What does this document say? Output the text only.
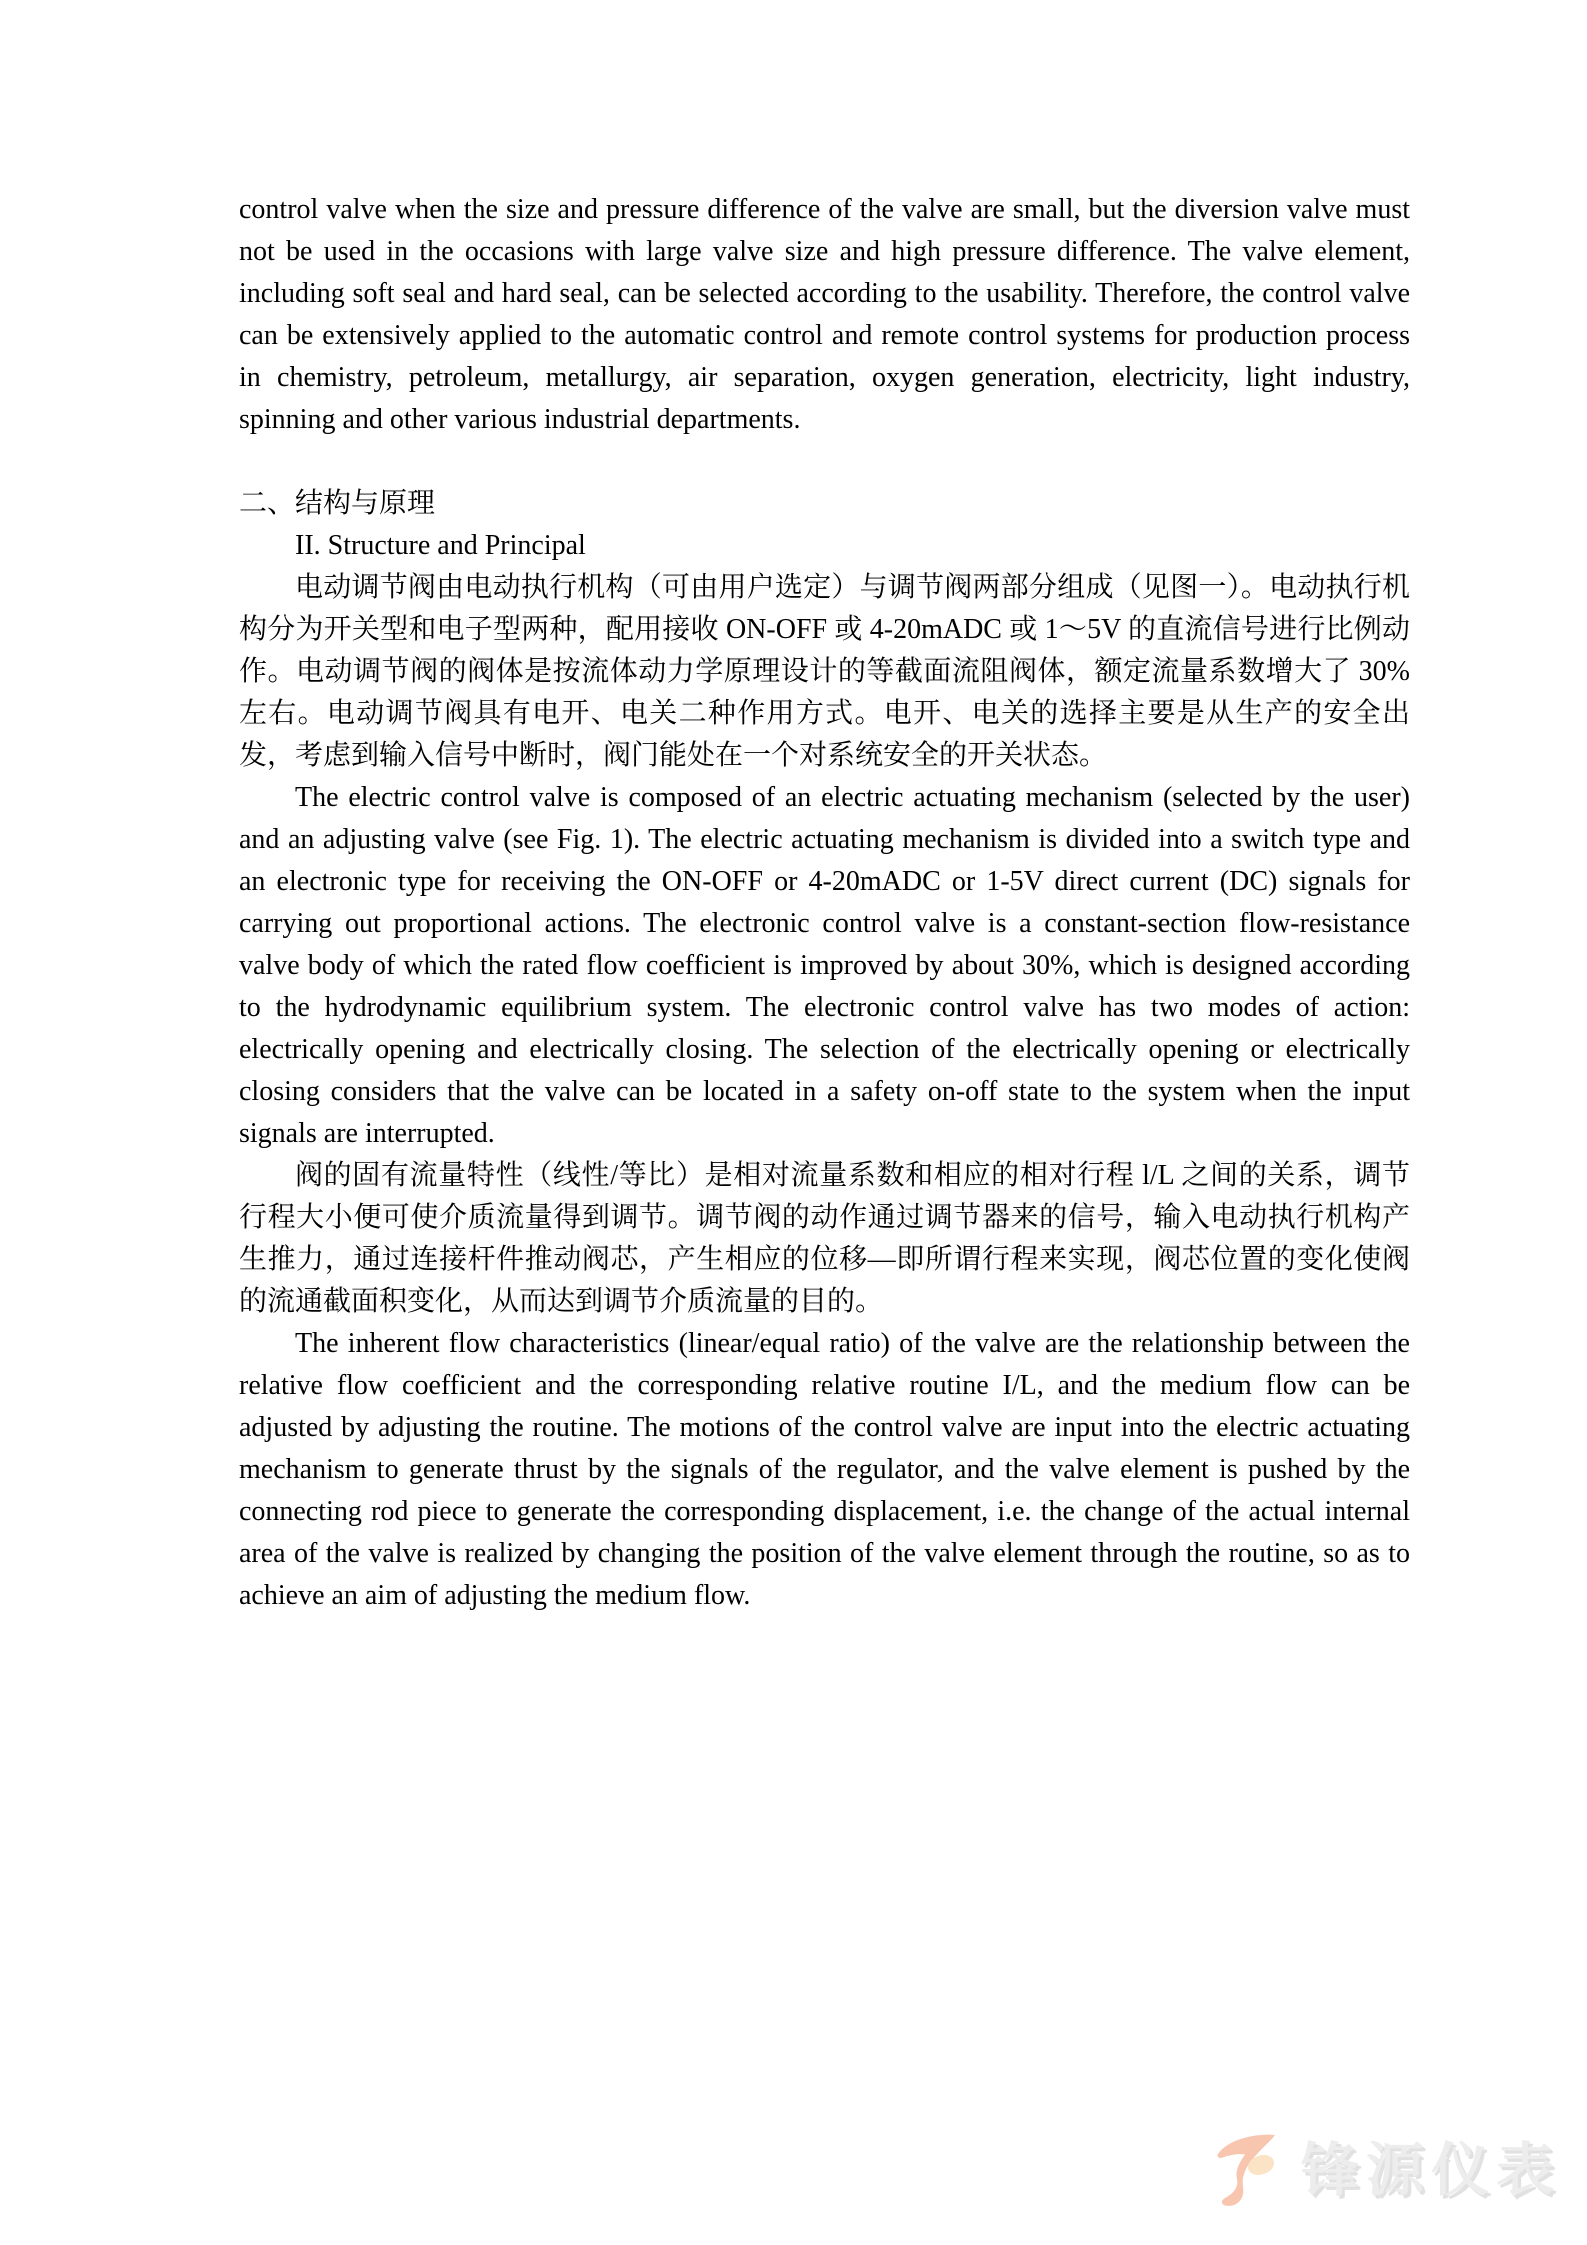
control valve when the size and pressure difference of the valve are small, but the diversion valve must not be used in the occasions with large valve size and high pressure difference. The valve element, including soft seal and hard seal, can be selected according to the usability. Therefore, the control valve can be extensively applied to the automatic control and remote control systems for production process in chemistry, petroleum, metallurgy, air separation, oxygen generation, electricity, light industry, spinning and other various industrial departments.

二、结构与原理

II. Structure and Principal

电动调节阀由电动执行机构（可由用户选定）与调节阀两部分组成（见图一）。电动执行机构分为开关型和电子型两种，配用接收 ON-OFF 或 4-20mADC 或 1～5V 的直流信号进行比例动作。电动调节阀的阀体是按流体动力学原理设计的等截面流阻阀体，额定流量系数增大了 30%左右。电动调节阀具有电开、电关二种作用方式。电开、电关的选择主要是从生产的安全出发，考虑到输入信号中断时，阀门能处在一个对系统安全的开关状态。

The electric control valve is composed of an electric actuating mechanism (selected by the user) and an adjusting valve (see Fig. 1). The electric actuating mechanism is divided into a switch type and an electronic type for receiving the ON-OFF or 4-20mADC or 1-5V direct current (DC) signals for carrying out proportional actions. The electronic control valve is a constant-section flow-resistance valve body of which the rated flow coefficient is improved by about 30%, which is designed according to the hydrodynamic equilibrium system. The electronic control valve has two modes of action: electrically opening and electrically closing. The selection of the electrically opening or electrically closing considers that the valve can be located in a safety on-off state to the system when the input signals are interrupted.

阀的固有流量特性（线性/等比）是相对流量系数和相应的相对行程 l/L 之间的关系，调节行程大小便可使介质流量得到调节。调节阀的动作通过调节器来的信号，输入电动执行机构产生推力，通过连接杆件推动阀芯，产生相应的位移—即所谓行程来实现，阀芯位置的变化使阀的流通截面积变化，从而达到调节介质流量的目的。

The inherent flow characteristics (linear/equal ratio) of the valve are the relationship between the relative flow coefficient and the corresponding relative routine I/L, and the medium flow can be adjusted by adjusting the routine. The motions of the control valve are input into the electric actuating mechanism to generate thrust by the signals of the regulator, and the valve element is pushed by the connecting rod piece to generate the corresponding displacement, i.e. the change of the actual internal area of the valve is realized by changing the position of the valve element through the routine, so as to achieve an aim of adjusting the medium flow.

锋源仪表
